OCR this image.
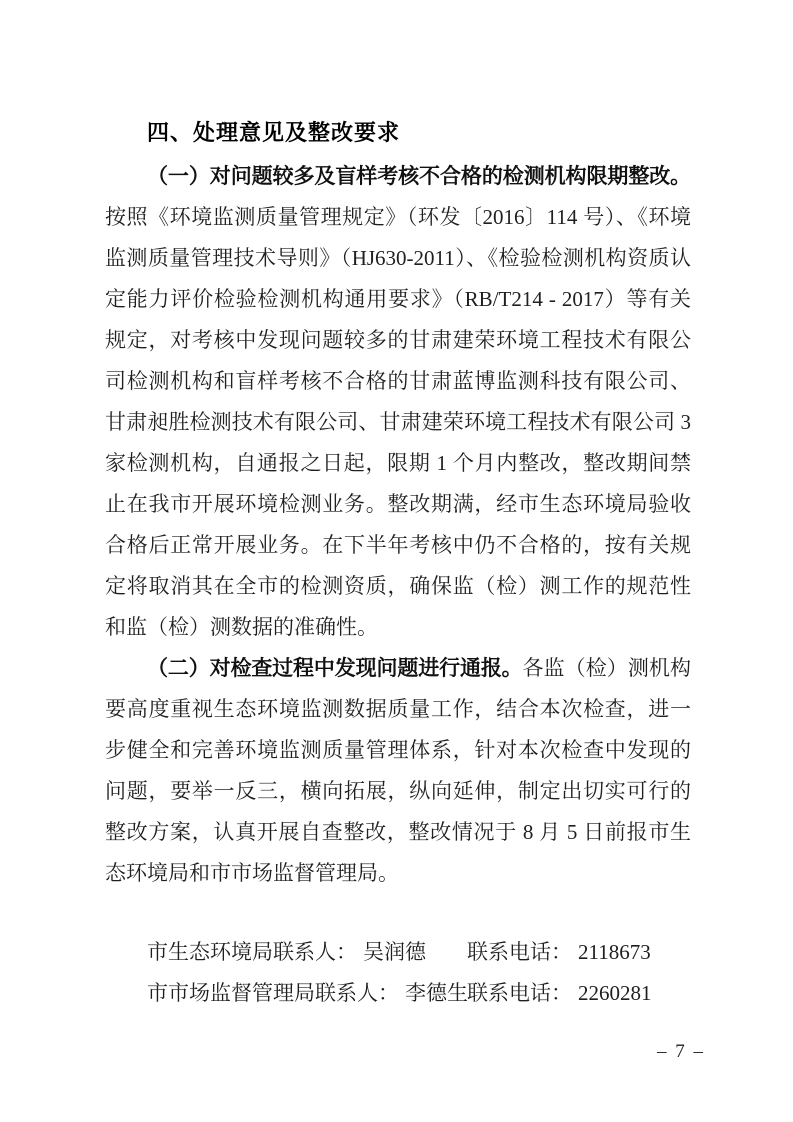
四、处理意见及整改要求

（一）对问题较多及盲样考核不合格的检测机构限期整改。按照《环境监测质量管理规定》（环发〔2016〕114 号）、《环境监测质量管理技术导则》（HJ630-2011）、《检验检测机构资质认定能力评价检验检测机构通用要求》（RB/T214 - 2017）等有关规定，对考核中发现问题较多的甘肃建荣环境工程技术有限公司检测机构和盲样考核不合格的甘肃蓝博监测科技有限公司、甘肃昶胜检测技术有限公司、甘肃建荣环境工程技术有限公司 3 家检测机构，自通报之日起，限期 1 个月内整改，整改期间禁止在我市开展环境检测业务。整改期满，经市生态环境局验收合格后正常开展业务。在下半年考核中仍不合格的，按有关规定将取消其在全市的检测资质，确保监（检）测工作的规范性和监（检）测数据的准确性。

（二）对检查过程中发现问题进行通报。各监（检）测机构要高度重视生态环境监测数据质量工作，结合本次检查，进一步健全和完善环境监测质量管理体系，针对本次检查中发现的问题，要举一反三，横向拓展，纵向延伸，制定出切实可行的整改方案，认真开展自查整改，整改情况于 8 月 5 日前报市生态环境局和市市场监督管理局。

市生态环境局联系人： 吴润德	联系电话： 2118673
市市场监督管理局联系人： 李德生 联系电话： 2260281
– 7 –
